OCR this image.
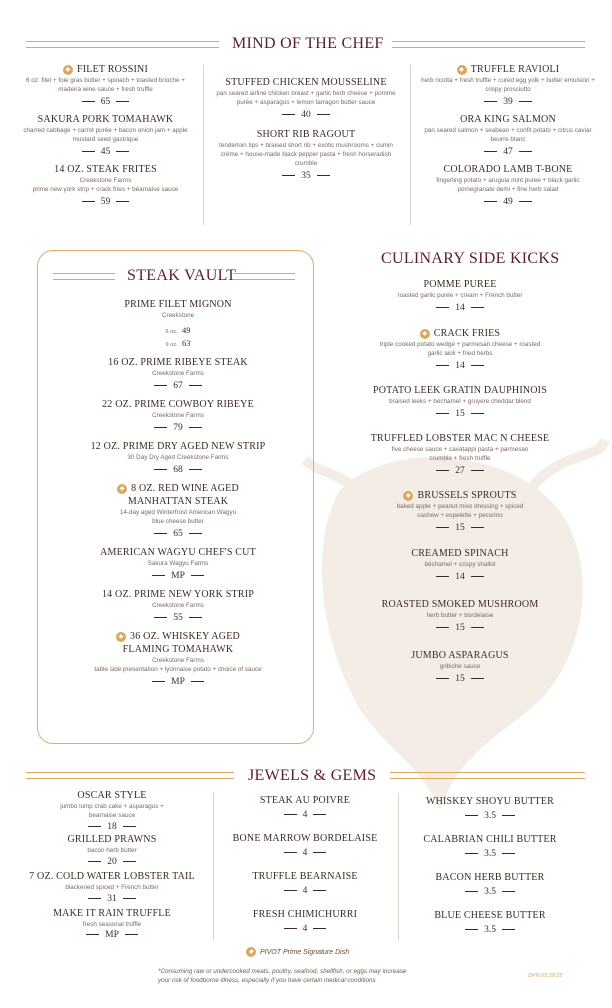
MIND OF THE CHEF
◆ FILET ROSSINI
6 oz. filet + foie gras butter + spinach + toasted brioche + madeira wine sauce + fresh truffle
65
SAKURA PORK TOMAHAWK
charred cabbage + carrot purée + bacon onion jam + apple mustard seed gastrique
45
14 OZ. STEAK FRITES
Creekstone Farms
prime new york strip + crack fries + béarnaise sauce
59
STUFFED CHICKEN MOUSSELINE
pan seared airline chicken breast + garlic herb cheese + pomme purée + asparagus + lemon tarragon butter sauce
40
SHORT RIB RAGOUT
tenderloin tips + braised short rib + exotic mushrooms + cumin crème + house-made black pepper pasta + fresh horseradish crumble
35
◆ TRUFFLE RAVIOLI
herb ricotta + fresh truffle + cured egg yolk + butter emulsion + crispy prosciutto
39
ORA KING SALMON
pan seared salmon + seabean + confit potato + citrus caviar beurre blanc
47
COLORADO LAMB T-BONE
fingerling potato + arugula mint puree + black garlic pomegranate demi + fine herb salad
49
STEAK VAULT
PRIME FILET MIGNON
Creekstone
6 oz. 49
9 oz. 63
16 OZ. PRIME RIBEYE STEAK
Creekstone Farms
67
22 OZ. PRIME COWBOY RIBEYE
Creekstone Farms
79
12 OZ. PRIME DRY AGED NEW STRIP
30 Day Dry Aged Creekstone Farms
68
◆ 8 OZ. RED WINE AGED MANHATTAN STEAK
14-day aged Winterfrost American Wagyu
blue cheese butter
65
AMERICAN WAGYU CHEF'S CUT
Sakura Wagyu Farms
MP
14 OZ. PRIME NEW YORK STRIP
Creekstone Farms
55
◆ 36 OZ. WHISKEY AGED FLAMING TOMAHAWK
Creekstone Farms
table side presentation + lyonnaise potato + choice of sauce
MP
CULINARY SIDE KICKS
POMME PUREE
roasted garlic purée + cream + French butter
14
◆ CRACK FRIES
triple cooked potato wedge + parmesan cheese + roasted garlic aioli + fried herbs
14
POTATO LEEK GRATIN DAUPHINOIS
braised leeks + béchamel + gruyere cheddar blend
15
TRUFFLED LOBSTER MAC N CHEESE
five cheese sauce + cavatappi pasta + parmesan crumble + fresh truffle
27
◆ BRUSSELS SPROUTS
baked apple + peanut miso dressing + spiced cashew + espelette + pecorino
15
CREAMED SPINACH
béchamel + crispy shallot
14
ROASTED SMOKED MUSHROOM
herb butter + bordelaise
15
JUMBO ASPARAGUS
gribiche sauce
15
JEWELS & GEMS
OSCAR STYLE
jumbo lump crab cake + asparagus + bearnaise sauce
18
GRILLED PRAWNS
bacon herb butter
20
7 OZ. COLD WATER LOBSTER TAIL
blackened spiced + French butter
31
MAKE IT RAIN TRUFFLE
fresh seasonal truffle
MP
STEAK AU POIVRE
4
BONE MARROW BORDELAISE
4
TRUFFLE BEARNAISE
4
FRESH CHIMICHURRI
4
WHISKEY SHOYU BUTTER
3.5
CALABRIAN CHILI BUTTER
3.5
BACON HERB BUTTER
3.5
BLUE CHEESE BUTTER
3.5
◆ PIVOT Prime Signature Dish
*Consuming raw or undercooked meats, poultry, seafood, shellfish, or eggs may increase
your risk of foodborne illness, especially if you have certain medical conditions
DPN 05.28.25
